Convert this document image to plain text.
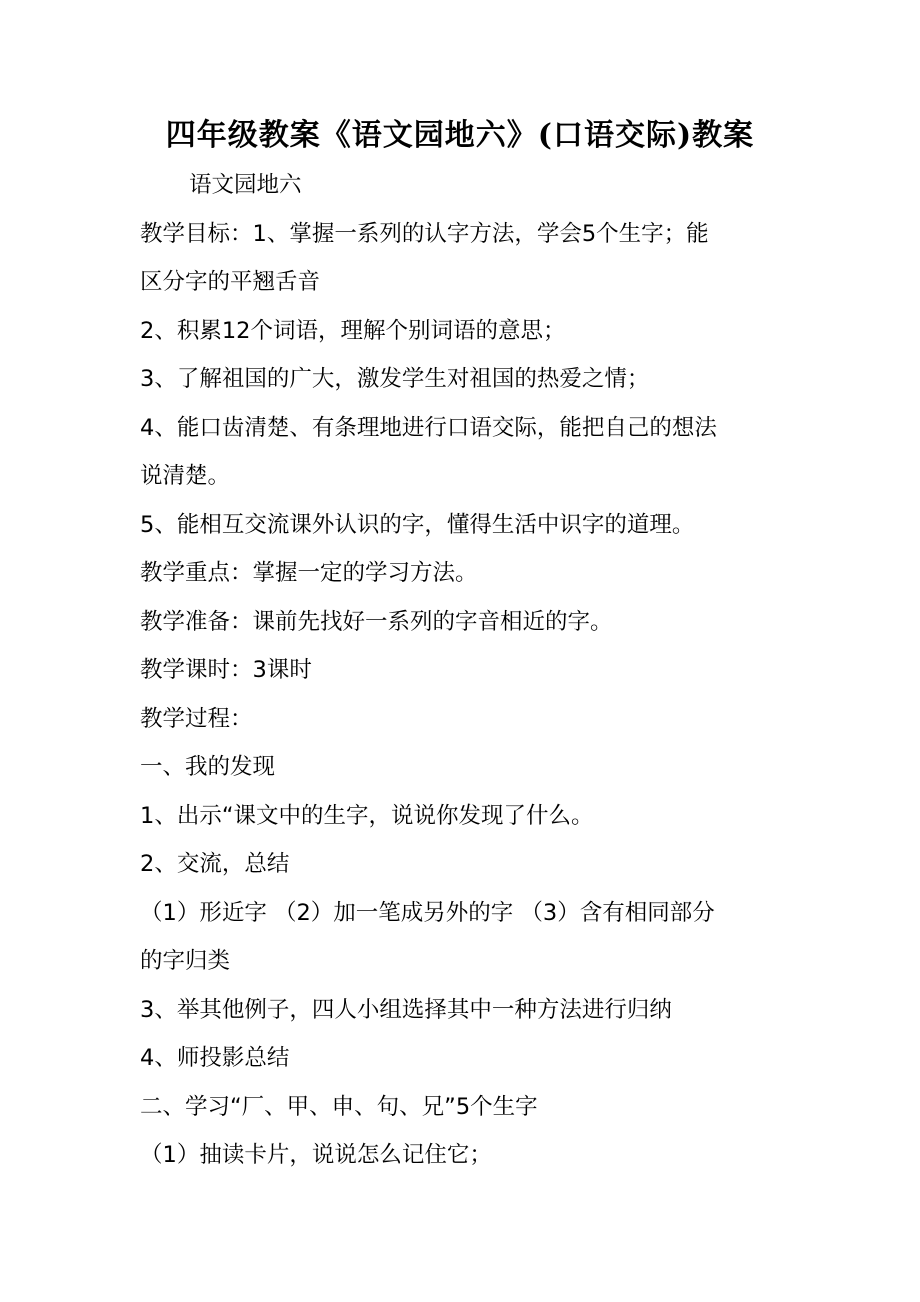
四年级教案《语文园地六》(口语交际)教案
语文园地六
教学目标：1、掌握一系列的认字方法，学会5个生字；能
区分字的平翘舌音
2、积累12个词语，理解个别词语的意思；
3、了解祖国的广大，激发学生对祖国的热爱之情；
4、能口齿清楚、有条理地进行口语交际，能把自己的想法
说清楚。
5、能相互交流课外认识的字，懂得生活中识字的道理。
教学重点：掌握一定的学习方法。
教学准备：课前先找好一系列的字音相近的字。
教学课时：3课时
教学过程：
一、我的发现
1、出示“课文中的生字，说说你发现了什么。
2、交流，总结
（1）形近字 （2）加一笔成另外的字 （3）含有相同部分
的字归类
3、举其他例子，四人小组选择其中一种方法进行归纳
4、师投影总结
二、学习“厂、甲、申、句、兄”5个生字
（1）抽读卡片，说说怎么记住它；
